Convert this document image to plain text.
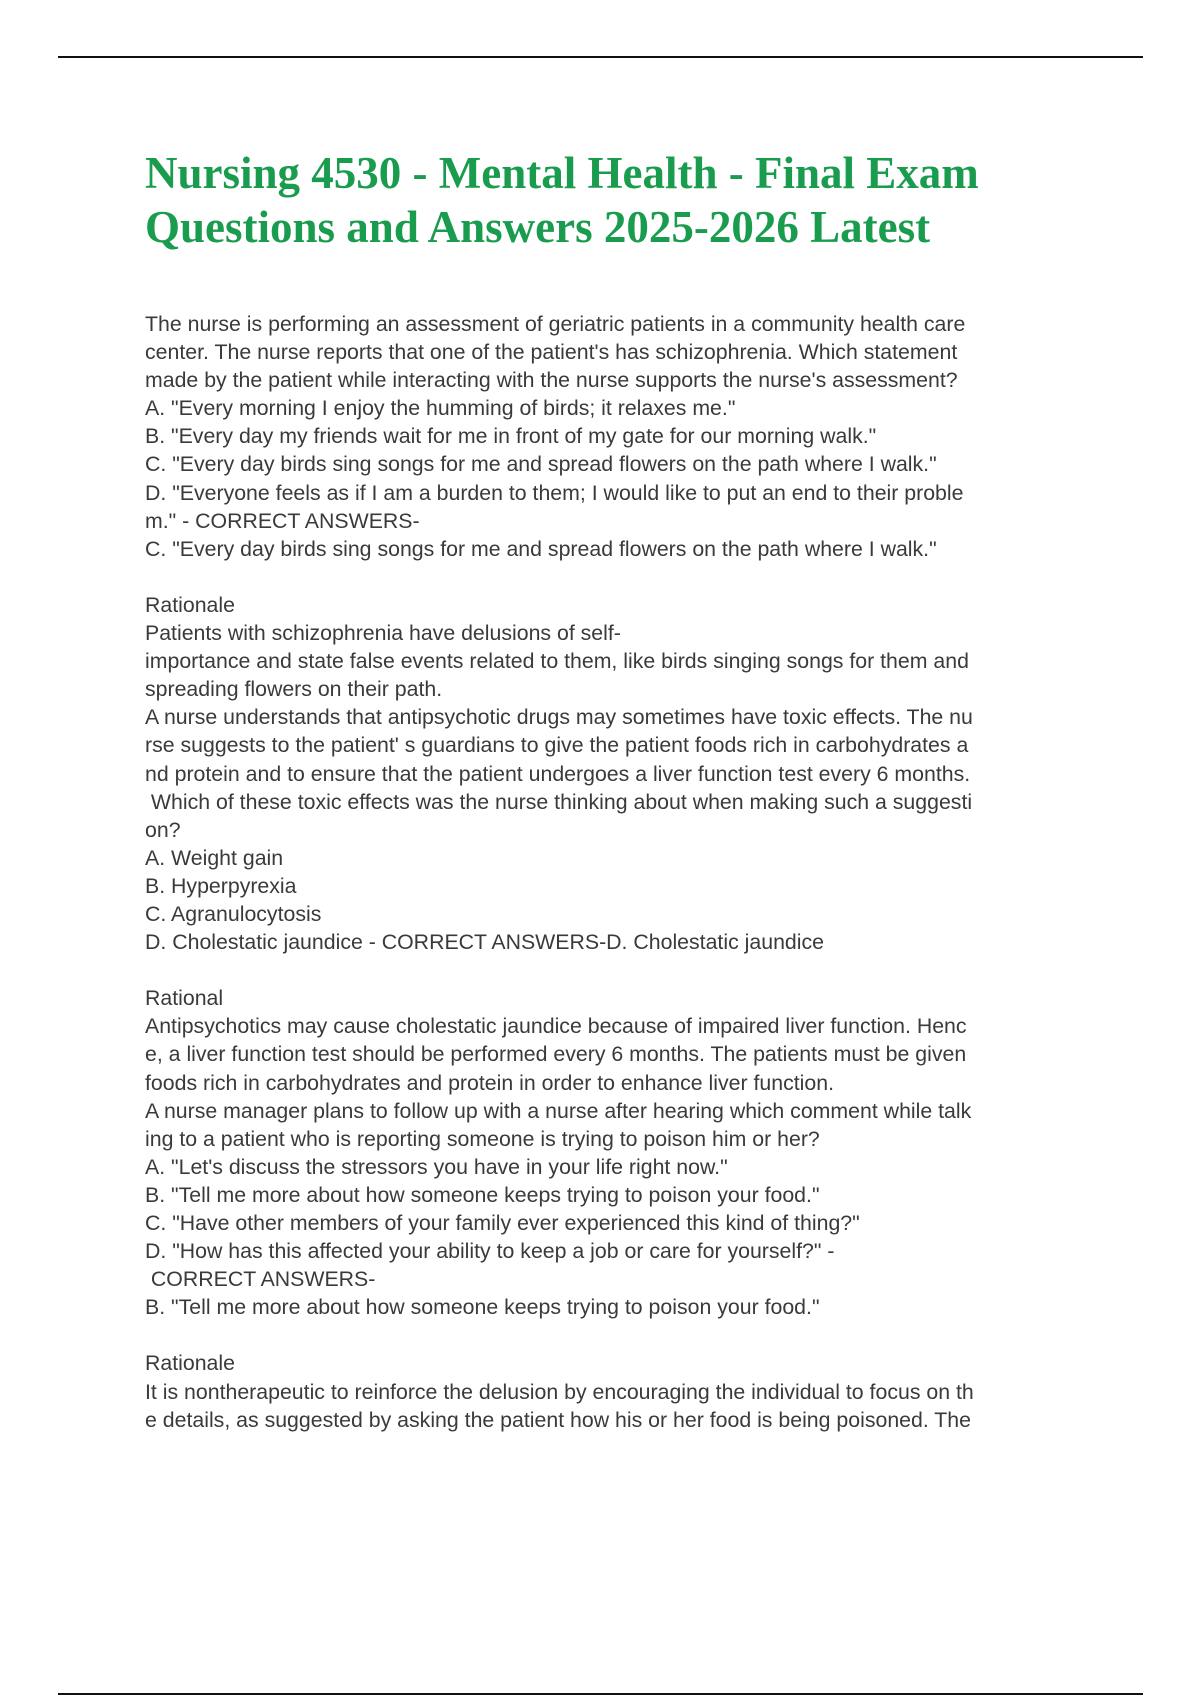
Nursing 4530 - Mental Health - Final Exam
Questions and Answers 2025-2026 Latest
The nurse is performing an assessment of geriatric patients in a community health care
center. The nurse reports that one of the patient's has schizophrenia. Which statement
made by the patient while interacting with the nurse supports the nurse's assessment?
A. "Every morning I enjoy the humming of birds; it relaxes me."
B. "Every day my friends wait for me in front of my gate for our morning walk."
C. "Every day birds sing songs for me and spread flowers on the path where I walk."
D. "Everyone feels as if I am a burden to them; I would like to put an end to their proble
m." - CORRECT ANSWERS-
C. "Every day birds sing songs for me and spread flowers on the path where I walk."
Rationale
Patients with schizophrenia have delusions of self-
importance and state false events related to them, like birds singing songs for them and
spreading flowers on their path.
A nurse understands that antipsychotic drugs may sometimes have toxic effects. The nu
rse suggests to the patient' s guardians to give the patient foods rich in carbohydrates a
nd protein and to ensure that the patient undergoes a liver function test every 6 months.
Which of these toxic effects was the nurse thinking about when making such a suggesti
on?
A. Weight gain
B. Hyperpyrexia
C. Agranulocytosis
D. Cholestatic jaundice - CORRECT ANSWERS-D. Cholestatic jaundice
Rational
Antipsychotics may cause cholestatic jaundice because of impaired liver function. Henc
e, a liver function test should be performed every 6 months. The patients must be given
foods rich in carbohydrates and protein in order to enhance liver function.
A nurse manager plans to follow up with a nurse after hearing which comment while talk
ing to a patient who is reporting someone is trying to poison him or her?
A. "Let's discuss the stressors you have in your life right now."
B. "Tell me more about how someone keeps trying to poison your food."
C. "Have other members of your family ever experienced this kind of thing?"
D. "How has this affected your ability to keep a job or care for yourself?" -
CORRECT ANSWERS-
B. "Tell me more about how someone keeps trying to poison your food."
Rationale
It is nontherapeutic to reinforce the delusion by encouraging the individual to focus on th
e details, as suggested by asking the patient how his or her food is being poisoned. The
